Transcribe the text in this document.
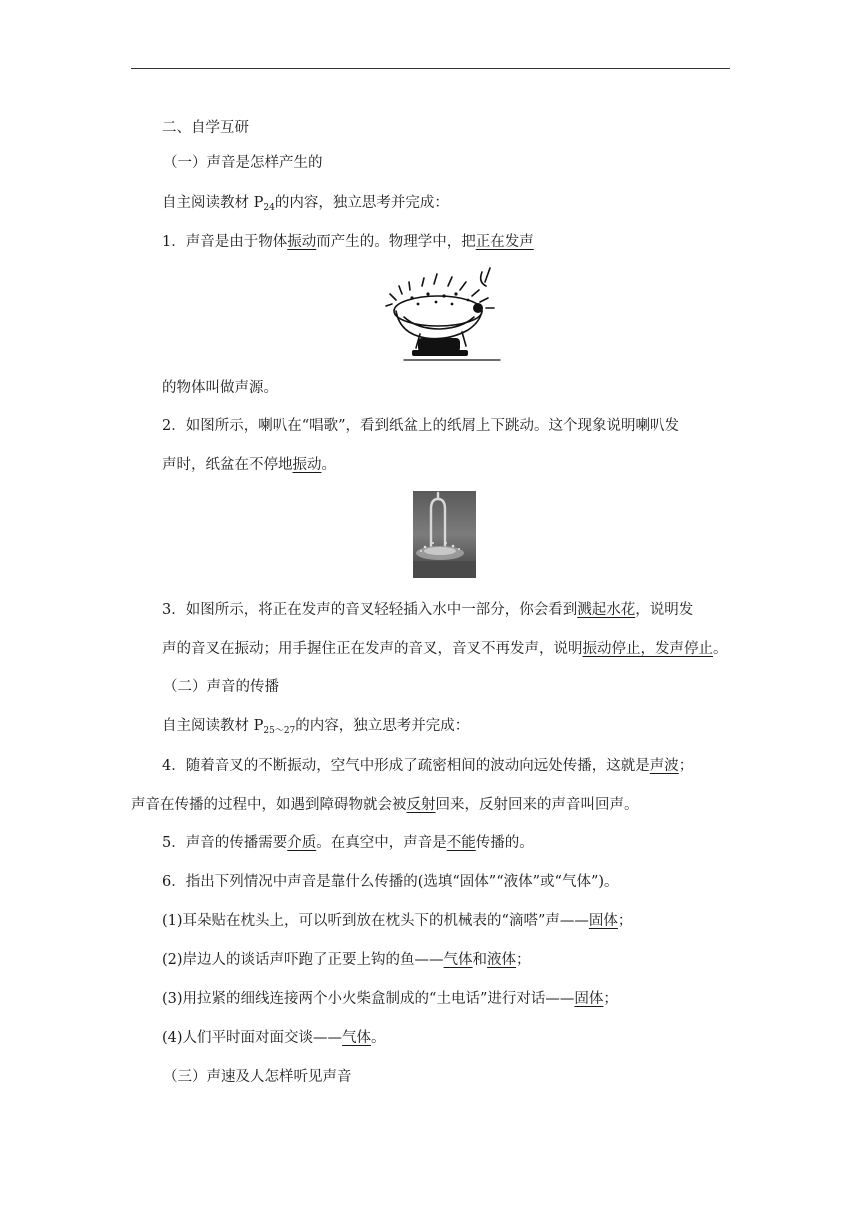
二、自学互研
（一）声音是怎样产生的
自主阅读教材 $P_{24}$的内容，独立思考并完成：
1．声音是由于物体振动而产生的。物理学中，把正在发声
的物体叫做声源。
2．如图所示，喇叭在“唱歌”，看到纸盆上的纸屑上下跳动。这个现象说明喇叭发
声时，纸盆在不停地振动。
3．如图所示，将正在发声的音叉轻轻插入水中一部分，你会看到溅起水花，说明发
声的音叉在振动；用手握住正在发声的音叉，音叉不再发声，说明振动停止，发声停止。
（二）声音的传播
自主阅读教材 $P_{25\sim 27}$的内容，独立思考并完成：
4．随着音叉的不断振动，空气中形成了疏密相间的波动向远处传播，这就是声波；
声音在传播的过程中，如遇到障碍物就会被反射回来，反射回来的声音叫回声。
5．声音的传播需要介质。在真空中，声音是不能传播的。
6．指出下列情况中声音是靠什么传播的(选填“固体”“液体”或“气体”)。
(1)耳朵贴在枕头上，可以听到放在枕头下的机械表的“滴嗒”声——固体；
(2)岸边人的谈话声吓跑了正要上钩的鱼——气体和液体；
(3)用拉紧的细线连接两个小火柴盒制成的“土电话”进行对话——固体；
(4)人们平时面对面交谈——气体。
（三）声速及人怎样听见声音
